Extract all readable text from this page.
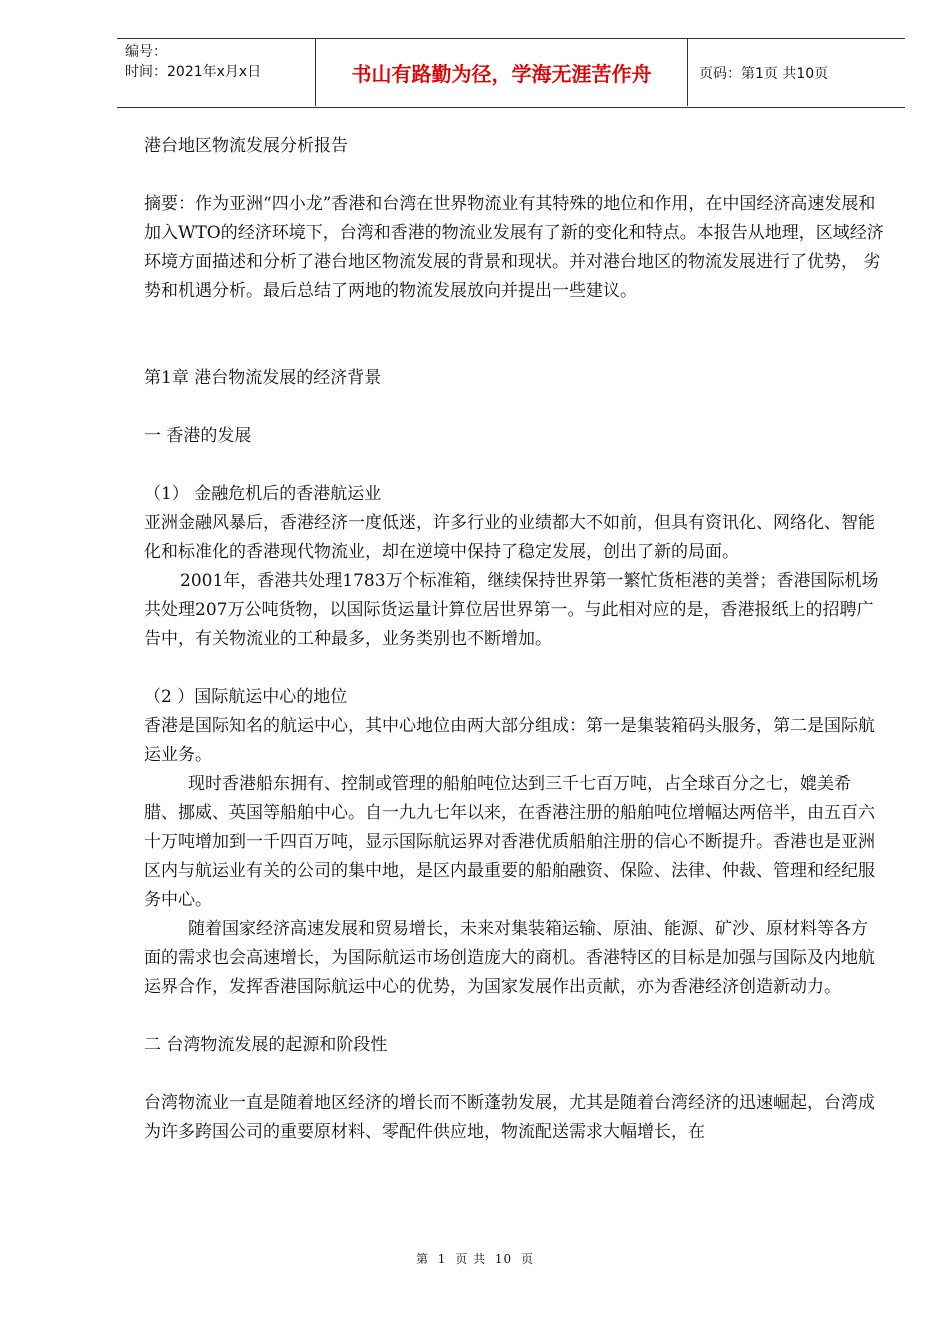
编号：
时间：2021年x月x日	书山有路勤为径，学海无涯苦作舟	页码：第1页 共10页

港台地区物流发展分析报告

摘要：作为亚洲“四小龙”香港和台湾在世界物流业有其特殊的地位和作用，在中国经济高速发展和加入WTO的经济环境下，台湾和香港的物流业发展有了新的变化和特点。本报告从地理，区域经济环境方面描述和分析了港台地区物流发展的背景和现状。并对港台地区的物流发展进行了优势， 劣势和机遇分析。最后总结了两地的物流发展放向并提出一些建议。

第1章 港台物流发展的经济背景

一 香港的发展

（1） 金融危机后的香港航运业

亚洲金融风暴后，香港经济一度低迷，许多行业的业绩都大不如前，但具有资讯化、网络化、智能化和标准化的香港现代物流业，却在逆境中保持了稳定发展，创出了新的局面。

2001年，香港共处理1783万个标准箱，继续保持世界第一繁忙货柜港的美誉；香港国际机场共处理207万公吨货物，以国际货运量计算位居世界第一。与此相对应的是，香港报纸上的招聘广告中，有关物流业的工种最多，业务类别也不断增加。

（2 ）国际航运中心的地位

香港是国际知名的航运中心，其中心地位由两大部分组成：第一是集装箱码头服务，第二是国际航运业务。

现时香港船东拥有、控制或管理的船舶吨位达到三千七百万吨，占全球百分之七，媲美希腊、挪威、英国等船舶中心。自一九九七年以来，在香港注册的船舶吨位增幅达两倍半，由五百六十万吨增加到一千四百万吨，显示国际航运界对香港优质船舶注册的信心不断提升。香港也是亚洲区内与航运业有关的公司的集中地，是区内最重要的船舶融资、保险、法律、仲裁、管理和经纪服务中心。

随着国家经济高速发展和贸易增长，未来对集装箱运输、原油、能源、矿沙、原材料等各方面的需求也会高速增长，为国际航运市场创造庞大的商机。香港特区的目标是加强与国际及内地航运界合作，发挥香港国际航运中心的优势，为国家发展作出贡献，亦为香港经济创造新动力。

二 台湾物流发展的起源和阶段性

台湾物流业一直是随着地区经济的增长而不断蓬勃发展，尤其是随着台湾经济的迅速崛起，台湾成为许多跨国公司的重要原材料、零配件供应地，物流配送需求大幅增长，在

第 1 页 共 10 页
